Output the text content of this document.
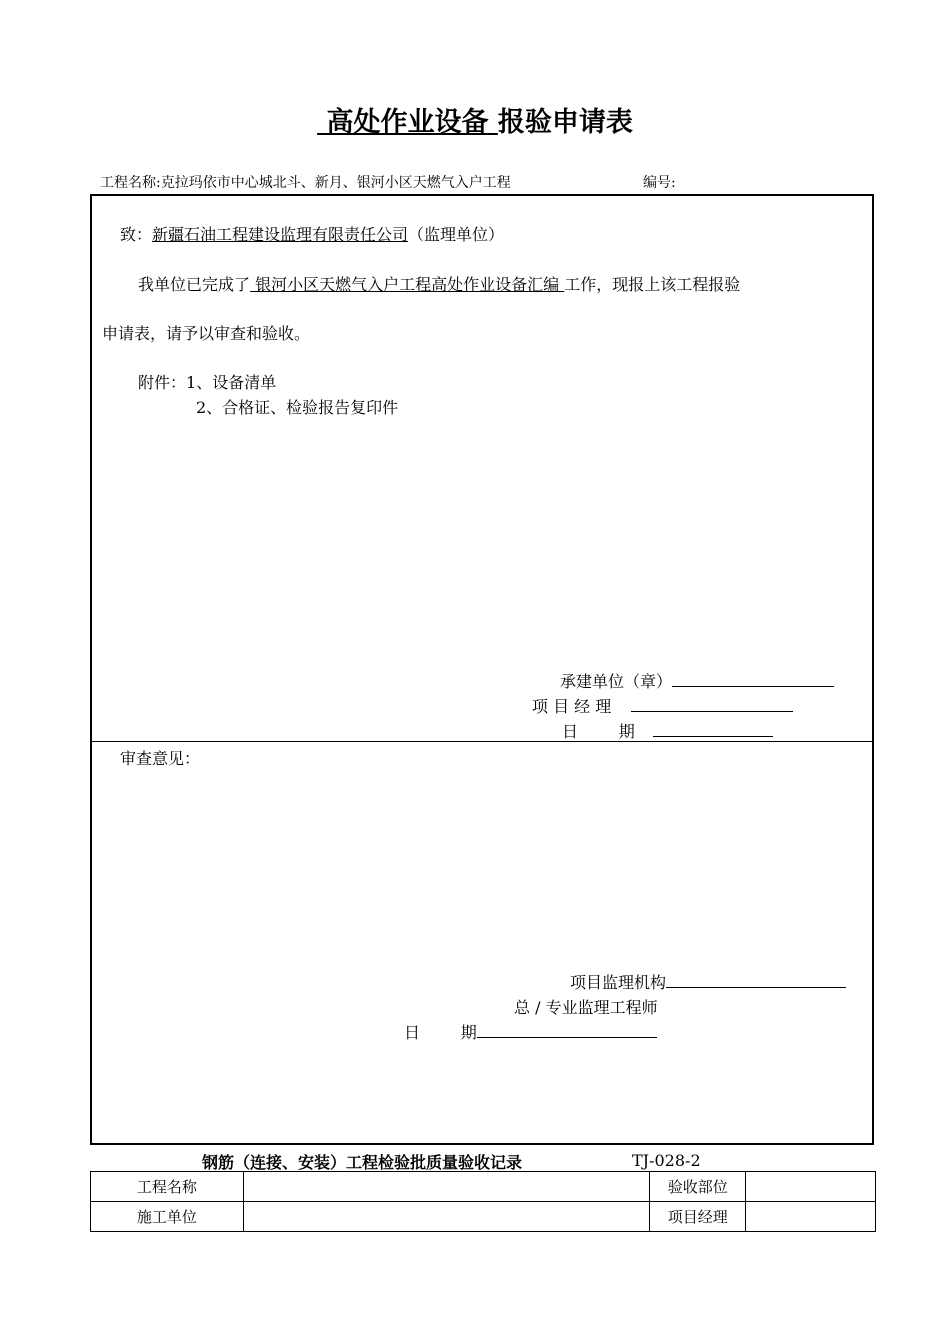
高处作业设备 报验申请表
工程名称:克拉玛依市中心城北斗、新月、银河小区天燃气入户工程	编号:
致：新疆石油工程建设监理有限责任公司（监理单位）
我单位已完成了 银河小区天燃气入户工程高处作业设备汇编 工作，现报上该工程报验
申请表，请予以审查和验收。
附件：1、设备清单
2、合格证、检验报告复印件
承建单位（章）
项 目 经 理
日        期
审查意见：
项目监理机构
总 / 专业监理工程师
日        期
钢筋（连接、安装）工程检验批质量验收记录	TJ-028-2
工程名称		验收部位	
施工单位		项目经理	
